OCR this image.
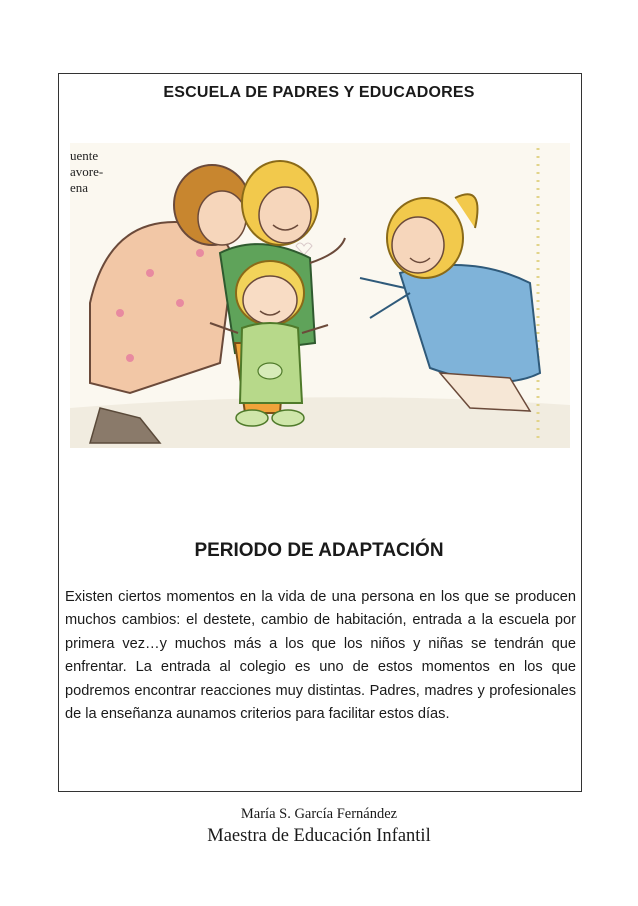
ESCUELA DE PADRES Y EDUCADORES
uente
avore-
ena
PERIODO DE ADAPTACIÓN
Existen ciertos momentos en la vida de una persona en los que se producen muchos cambios: el destete, cambio de habitación, entrada a la escuela por primera vez…y muchos más a los que los niños y niñas se tendrán que enfrentar. La entrada al colegio es uno de estos momentos en los que podremos encontrar reacciones muy distintas. Padres, madres y profesionales de la enseñanza aunamos criterios para facilitar estos días.
María S. García Fernández
Maestra de Educación Infantil
